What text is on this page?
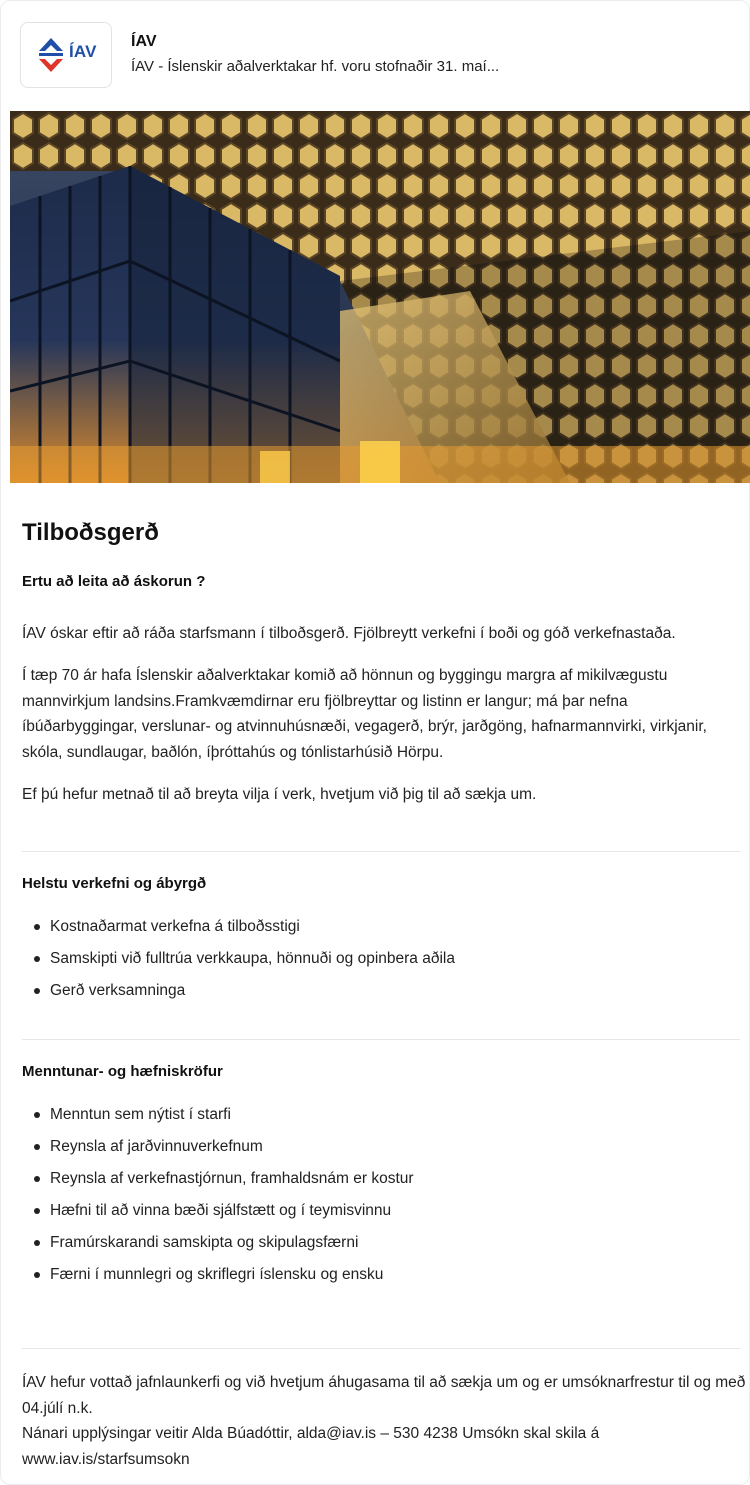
ÍAV
ÍAV
ÍAV - Íslenskir aðalverktakar hf. voru stofnaðir 31. maí...
Tilboðsgerð
Ertu að leita að áskorun ?

ÍAV óskar eftir að ráða starfsmann í tilboðsgerð. Fjölbreytt verkefni í boði og góð verkefnastaða.

Í tæp 70 ár hafa Íslenskir aðalverktakar komið að hönnun og byggingu margra af mikilvægustu mannvirkjum landsins.Framkvæmdirnar eru fjölbreyttar og listinn er langur; má þar nefna íbúðarbyggingar, verslunar- og atvinnuhúsnæði, vegagerð, brýr, jarðgöng, hafnarmannvirki, virkjanir, skóla, sundlaugar, baðlón, íþróttahús og tónlistarhúsið Hörpu.

Ef þú hefur metnað til að breyta vilja í verk, hvetjum við þig til að sækja um.

Helstu verkefni og ábyrgð
Kostnaðarmat verkefna á tilboðsstigi
Samskipti við fulltrúa verkkaupa, hönnuði og opinbera aðila
Gerð verksamninga
Menntunar- og hæfniskröfur
Menntun sem nýtist í starfi
Reynsla af jarðvinnuverkefnum
Reynsla af verkefnastjórnun, framhaldsnám er kostur
Hæfni til að vinna bæði sjálfstætt og í teymisvinnu
Framúrskarandi samskipta og skipulagsfærni
Færni í munnlegri og skriflegri íslensku og ensku

ÍAV hefur vottað jafnlaunkerfi og við hvetjum áhugasama til að sækja um og er umsóknarfrestur til og með 04.júlí n.k.
Nánari upplýsingar veitir Alda Búadóttir, alda@iav.is – 530 4238 Umsókn skal skila á www.iav.is/starfsumsokn
